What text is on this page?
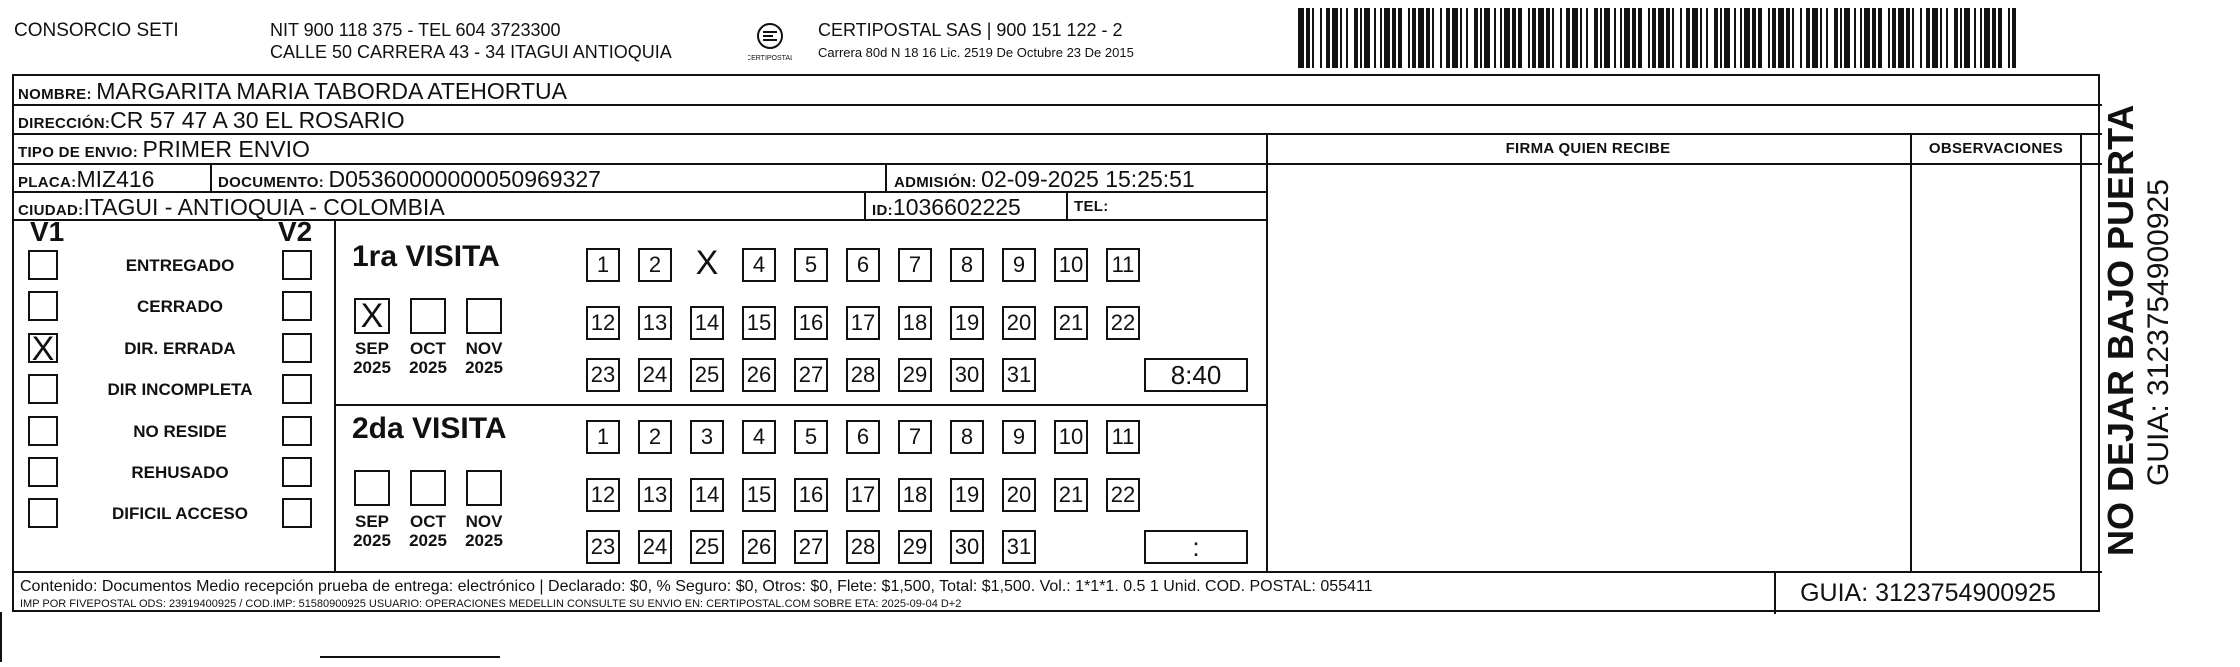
CONSORCIO SETI	NIT 900 118 375 - TEL 604 3723300
CALLE 50 CARRERA 43 - 34 ITAGUI ANTIOQUIA	CERTIPOSTAL
CERTIPOSTAL SAS | 900 151 122 - 2
Carrera 80d N 18 16 Lic. 2519 De Octubre 23 De 2015
NOMBRE: MARGARITA MARIA TABORDA ATEHORTUA
DIRECCIÓN:CR 57 47 A 30 EL ROSARIO
TIPO DE ENVIO: PRIMER ENVIO	FIRMA QUIEN RECIBE	OBSERVACIONES
PLACA:MIZ416	DOCUMENTO: D05360000000050969327	ADMISIÓN: 02-09-2025 15:25:51
CIUDAD:ITAGUI - ANTIOQUIA - COLOMBIA	ID:1036602225	TEL:
V1	V2
ENTREGADO
CERRADO
X	DIR. ERRADA
DIR INCOMPLETA
NO RESIDE
REHUSADO
DIFICIL ACCESO
1ra VISITA
X
SEP
2025
OCT
2025
NOV
2025
1	2	X	4	5	6	7	8	9	10 11
12 13 14 15 16 17 18 19 20 21 22
23 24 25 26 27 28 29 30 31	8:40
2da VISITA
SEP
2025
OCT
2025
NOV
2025
1	2	3	4	5	6	7	8	9	10 11
12 13 14 15 16 17 18 19 20 21 22
23 24 25 26 27 28 29 30 31	:
Contenido: Documentos Medio recepción prueba de entrega: electrónico | Declarado: $0, % Seguro: $0, Otros: $0, Flete: $1,500, Total: $1,500. Vol.: 1*1*1. 0.5 1 Unid. COD. POSTAL: 055411
IMP POR FIVEPOSTAL ODS: 23919400925 / COD.IMP: 51580900925 USUARIO: OPERACIONES MEDELLIN CONSULTE SU ENVIO EN: CERTIPOSTAL.COM SOBRE ETA: 2025-09-04 D+2	GUIA: 3123754900925
NO DEJAR BAJO PUERTA GUIA: 3123754900925
